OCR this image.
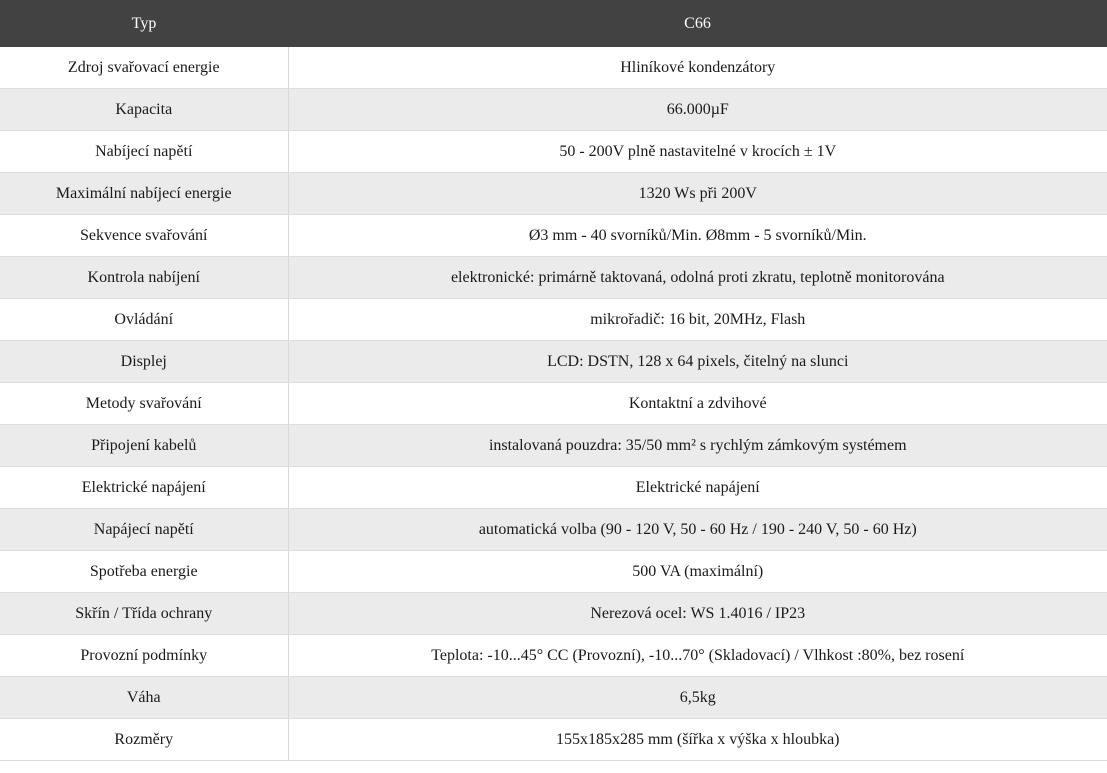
Typ	C66
Zdroj svařovací energie	Hliníkové kondenzátory
Kapacita	66.000µF
Nabíjecí napětí	50 - 200V plně nastavitelné v krocích ± 1V
Maximální nabíjecí energie	1320 Ws při 200V
Sekvence svařování	Ø3 mm - 40 svorníků/Min. Ø8mm - 5 svorníků/Min.
Kontrola nabíjení	elektronické: primárně taktovaná, odolná proti zkratu, teplotně monitorována
Ovládání	mikrořadič: 16 bit, 20MHz, Flash
Displej	LCD: DSTN, 128 x 64 pixels, čitelný na slunci
Metody svařování	Kontaktní a zdvihové
Připojení kabelů	instalovaná pouzdra: 35/50 mm² s rychlým zámkovým systémem
Elektrické napájení	Elektrické napájení
Napájecí napětí	automatická volba (90 - 120 V, 50 - 60 Hz / 190 - 240 V, 50 - 60 Hz)
Spotřeba energie	500 VA (maximální)
Skřín / Třída ochrany	Nerezová ocel: WS 1.4016 / IP23
Provozní podmínky	Teplota: -10...45° CC (Provozní), -10...70° (Skladovací) / Vlhkost :80%, bez rosení
Váha	6,5kg
Rozměry	155x185x285 mm (šířka x výška x hloubka)
